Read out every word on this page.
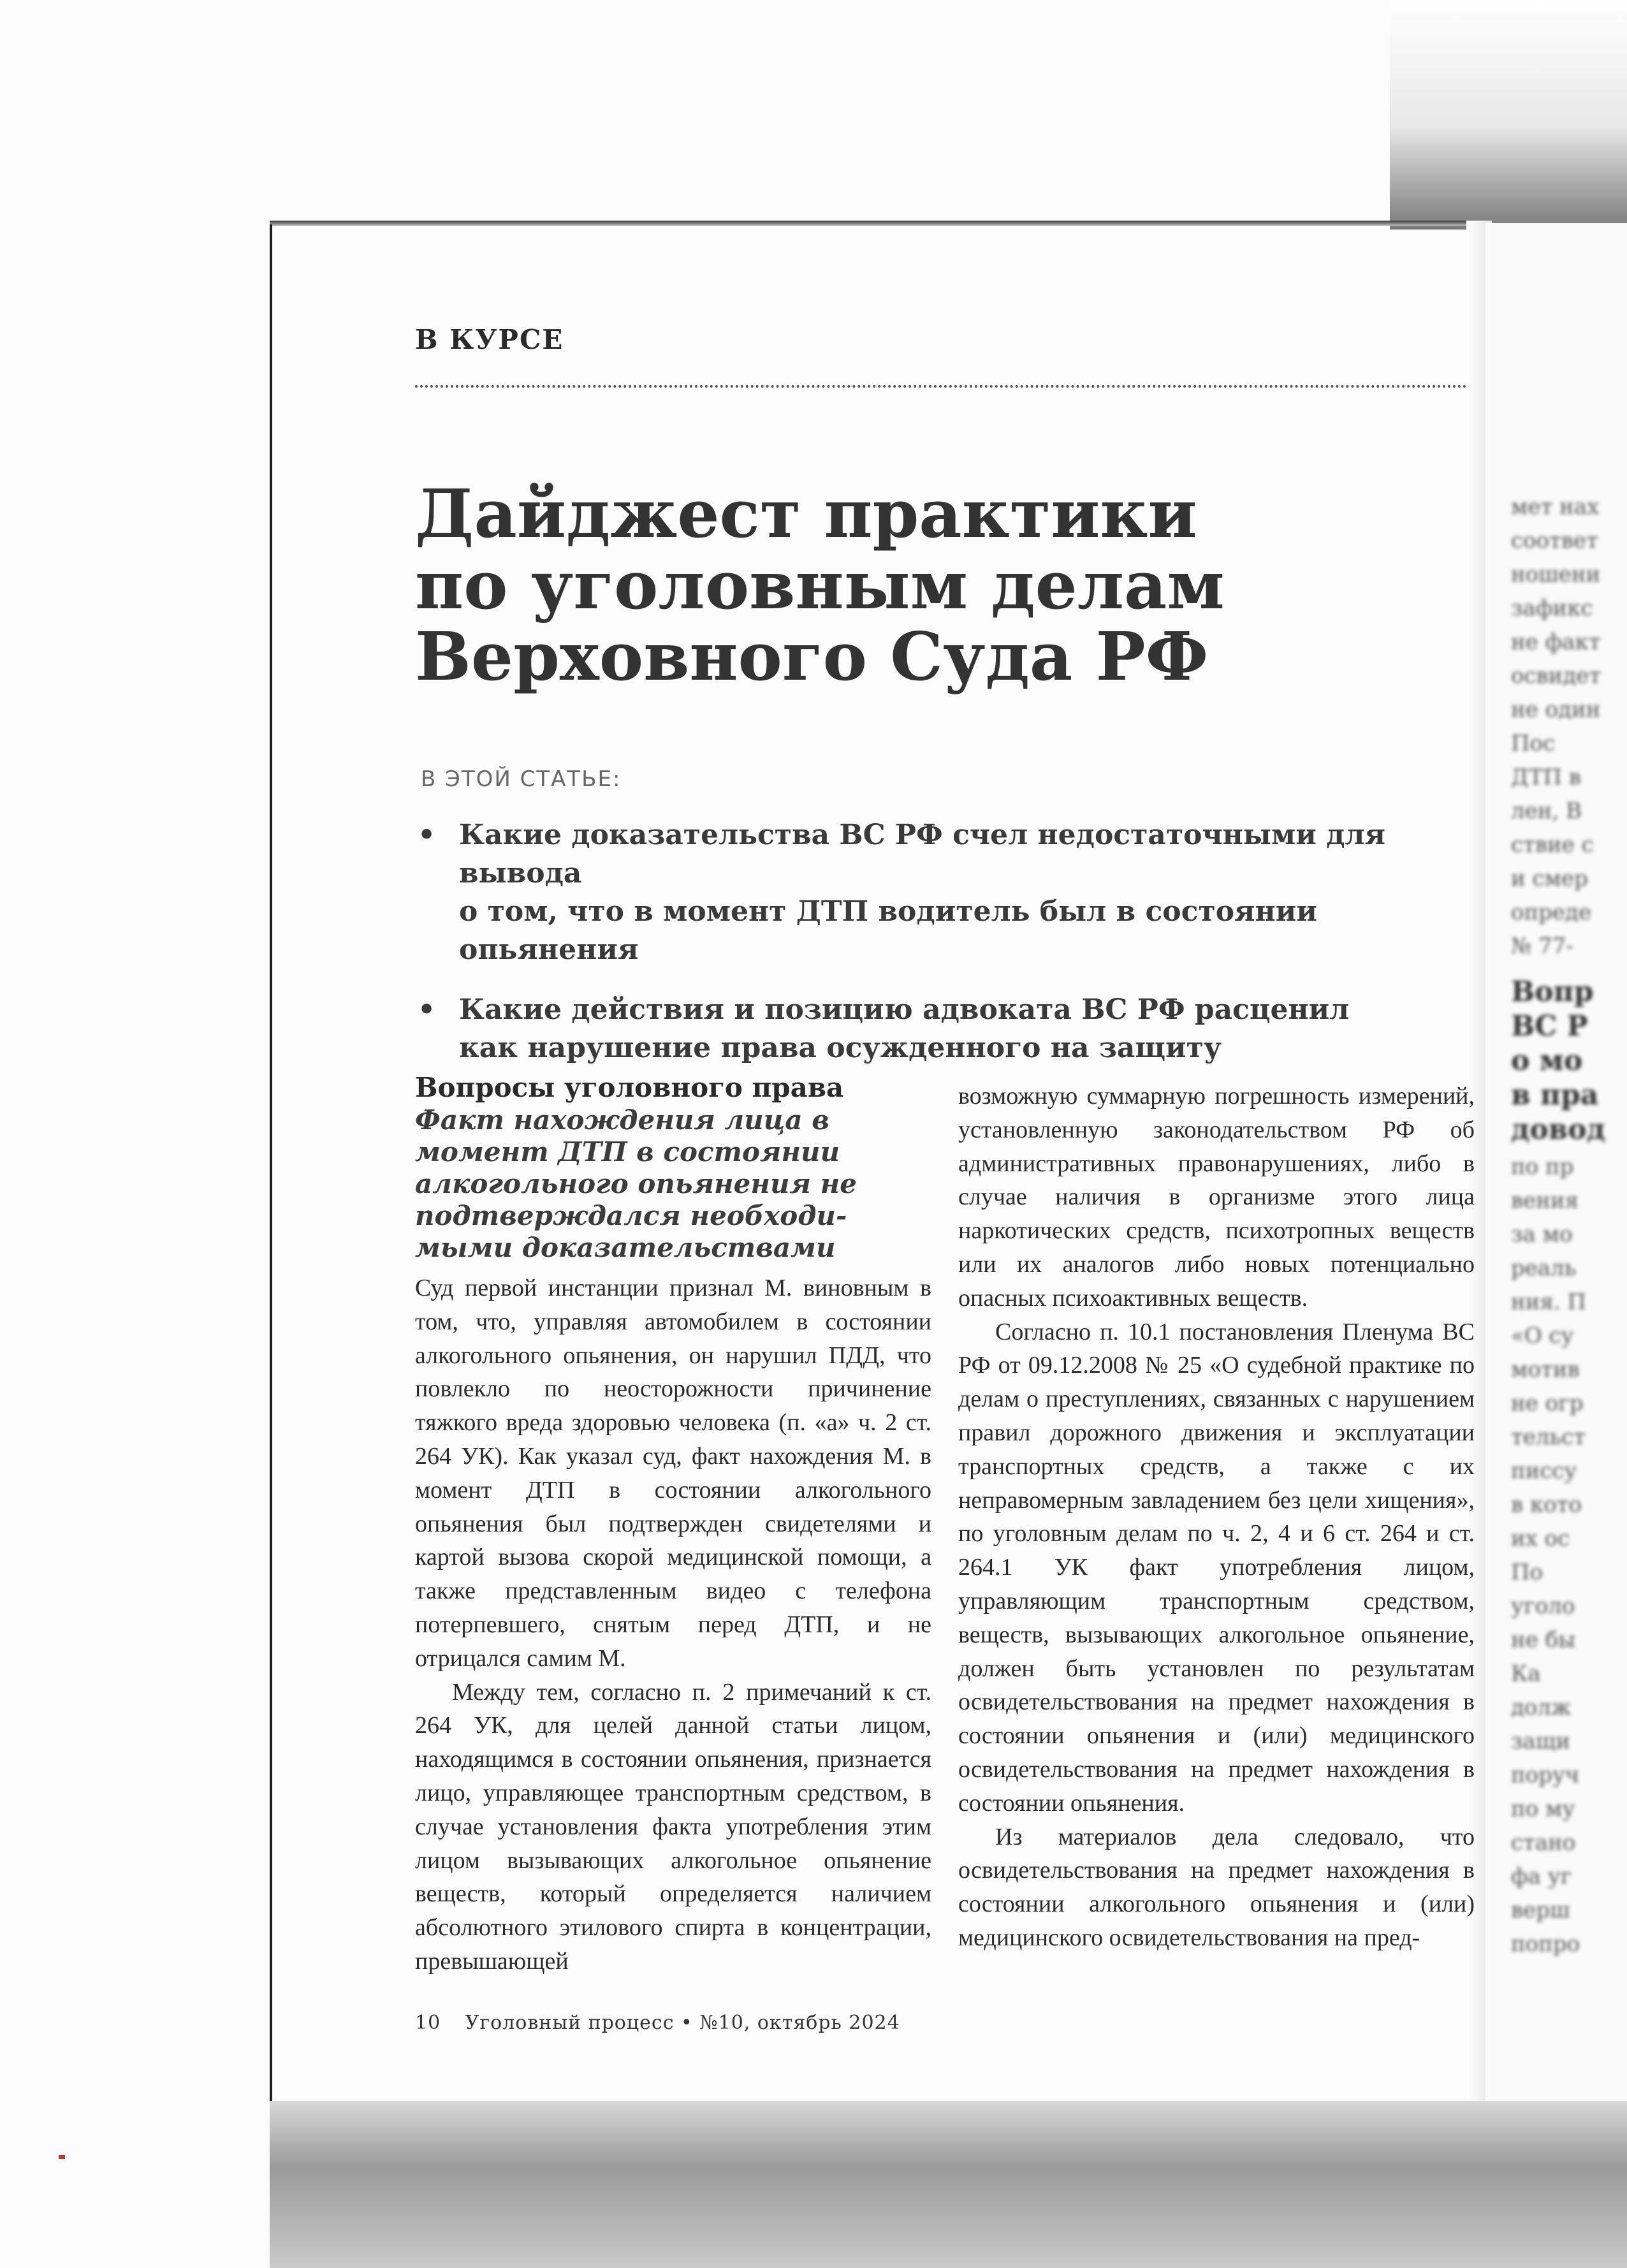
мет нах
соответ
ношени
зафикс
не факт
освидет
не один
Пос
ДТП в
лен, В
ствие с
и смер
опреде
№ 77-
Вопр
ВС Р
о мо
в пра
довод
по пр
вения
за мо
реаль
ния. П
«О су
мотив
не огр
тельст
писсу
в кото
их ос
По
уголо
не бы
Ка
долж
защи
поруч
по му
стано
фа уг
верш
попро
В КУРСЕ
Дайджест практики
по уголовным делам
Верховного Суда РФ
В ЭТОЙ СТАТЬЕ:
• Какие доказательства ВС РФ счел недостаточными для вывода
о том, что в момент ДТП водитель был в состоянии опьянения
• Какие действия и позицию адвоката ВС РФ расценил
как нарушение права осужденного на защиту
Вопросы уголовного права
Факт нахождения лица в момент ДТП в состоянии алкогольного опьянения не подтверждался необходи-мыми доказательствами

Суд первой инстанции признал М. виновным в том, что, управляя автомобилем в состоянии алкогольного опьянения, он нарушил ПДД, что повлекло по неосторожности причинение тяжкого вреда здоровью человека (п. «а» ч. 2 ст. 264 УК). Как указал суд, факт нахождения М. в момент ДТП в состоянии алкогольного опьянения был подтвержден свидетелями и картой вызова скорой медицинской помощи, а также представленным видео с телефона потерпевшего, снятым перед ДТП, и не отрицался самим М.

Между тем, согласно п. 2 примечаний к ст. 264 УК, для целей данной статьи лицом, находящимся в состоянии опьянения, признается лицо, управляющее транспортным средством, в случае установления факта употребления этим лицом вызывающих алкогольное опьянение веществ, который определяется наличием абсолютного этилового спирта в концентрации, превышающей

возможную суммарную погрешность измерений, установленную законодательством РФ об административных правонарушениях, либо в случае наличия в организме этого лица наркотических средств, психотропных веществ или их аналогов либо новых потенциально опасных психоактивных веществ.

Согласно п. 10.1 постановления Пленума ВС РФ от 09.12.2008 № 25 «О судебной практике по делам о преступлениях, связанных с нарушением правил дорожного движения и эксплуатации транспортных средств, а также с их неправомерным завладением без цели хищения», по уголовным делам по ч. 2, 4 и 6 ст. 264 и ст. 264.1 УК факт употребления лицом, управляющим транспортным средством, веществ, вызывающих алкогольное опьянение, должен быть установлен по результатам освидетельствования на предмет нахождения в состоянии опьянения и (или) медицинского освидетельствования на предмет нахождения в состоянии опьянения.

Из материалов дела следовало, что освидетельствования на предмет нахождения в состоянии алкогольного опьянения и (или) медицинского освидетельствования на пред-

10 Уголовный процесс • №10, октябрь 2024
